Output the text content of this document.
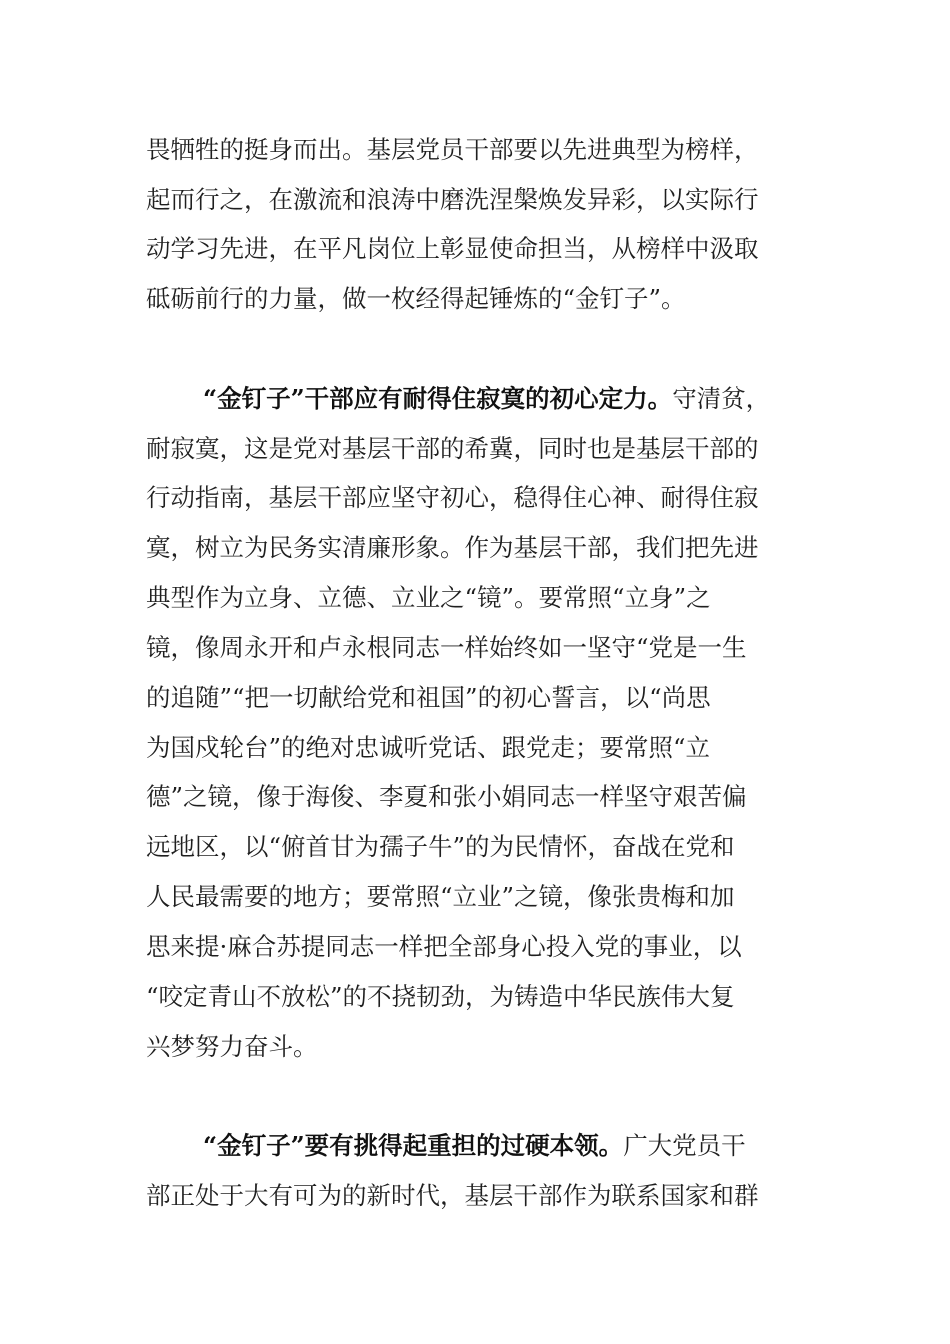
畏牺牲的挺身而出。基层党员干部要以先进典型为榜样，

起而行之，在激流和浪涛中磨洗涅槃焕发异彩，以实际行

动学习先进，在平凡岗位上彰显使命担当，从榜样中汲取

砥砺前行的力量，做一枚经得起锤炼的“金钉子”。

“金钉子”干部应有耐得住寂寞的初心定力。守清贫，

耐寂寞，这是党对基层干部的希冀，同时也是基层干部的

行动指南，基层干部应坚守初心，稳得住心神、耐得住寂

寞，树立为民务实清廉形象。作为基层干部，我们把先进

典型作为立身、立德、立业之“镜”。要常照“立身”之

镜，像周永开和卢永根同志一样始终如一坚守“党是一生

的追随”“把一切献给党和祖国”的初心誓言，以“尚思

为国戍轮台”的绝对忠诚听党话、跟党走；要常照“立

德”之镜，像于海俊、李夏和张小娟同志一样坚守艰苦偏

远地区，以“俯首甘为孺子牛”的为民情怀，奋战在党和

人民最需要的地方；要常照“立业”之镜，像张贵梅和加

思来提·麻合苏提同志一样把全部身心投入党的事业，以

“咬定青山不放松”的不挠韧劲，为铸造中华民族伟大复

兴梦努力奋斗。

“金钉子”要有挑得起重担的过硬本领。广大党员干

部正处于大有可为的新时代，基层干部作为联系国家和群
